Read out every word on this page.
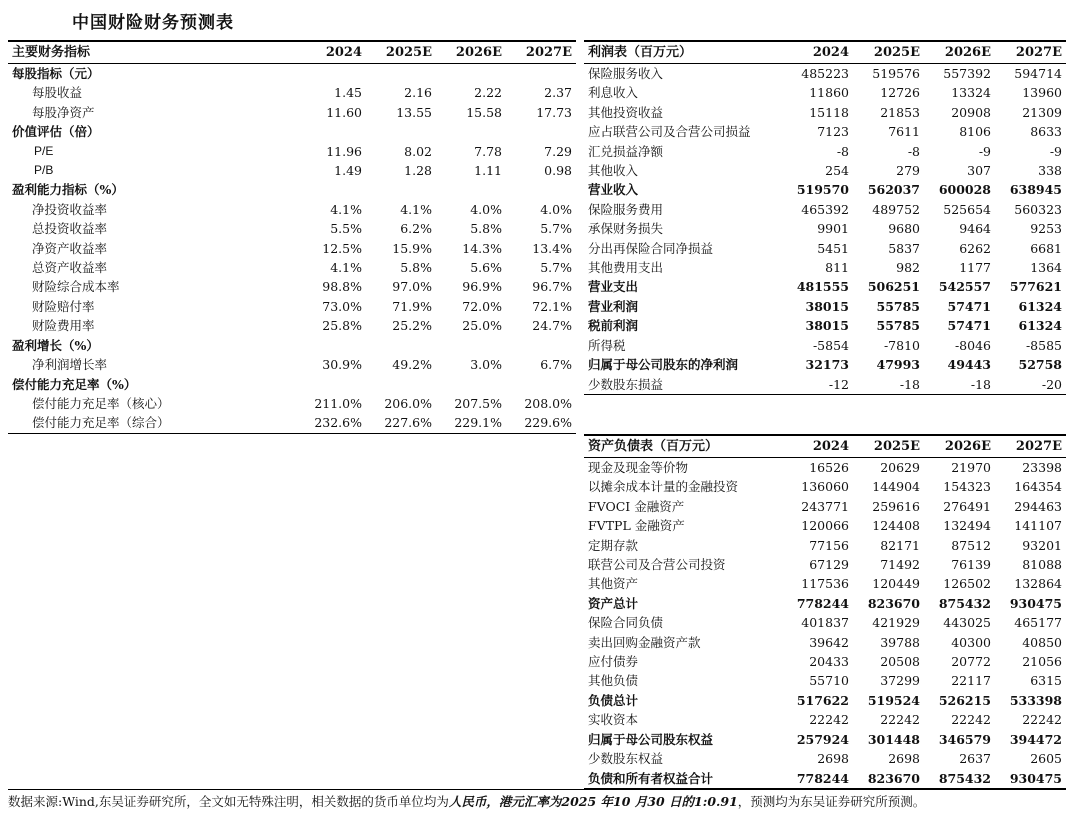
中国财险财务预测表
主要财务指标	2024	2025E	2026E	2027E
每股指标（元）				
每股收益	1.45	2.16	2.22	2.37
每股净资产	11.60	13.55	15.58	17.73
价值评估（倍）				
P/E	11.96	8.02	7.78	7.29
P/B	1.49	1.28	1.11	0.98
盈利能力指标（%）				
净投资收益率	4.1%	4.1%	4.0%	4.0%
总投资收益率	5.5%	6.2%	5.8%	5.7%
净资产收益率	12.5%	15.9%	14.3%	13.4%
总资产收益率	4.1%	5.8%	5.6%	5.7%
财险综合成本率	98.8%	97.0%	96.9%	96.7%
财险赔付率	73.0%	71.9%	72.0%	72.1%
财险费用率	25.8%	25.2%	25.0%	24.7%
盈利增长（%）				
净利润增长率	30.9%	49.2%	3.0%	6.7%
偿付能力充足率（%）				
偿付能力充足率（核心）	211.0%	206.0%	207.5%	208.0%
偿付能力充足率（综合）	232.6%	227.6%	229.1%	229.6%
利润表（百万元）	2024	2025E	2026E	2027E
保险服务收入	485223	519576	557392	594714
利息收入	11860	12726	13324	13960
其他投资收益	15118	21853	20908	21309
应占联营公司及合营公司损益	7123	7611	8106	8633
汇兑损益净额	-8	-8	-9	-9
其他收入	254	279	307	338
营业收入	519570	562037	600028	638945
保险服务费用	465392	489752	525654	560323
承保财务损失	9901	9680	9464	9253
分出再保险合同净损益	5451	5837	6262	6681
其他费用支出	811	982	1177	1364
营业支出	481555	506251	542557	577621
营业利润	38015	55785	57471	61324
税前利润	38015	55785	57471	61324
所得税	-5854	-7810	-8046	-8585
归属于母公司股东的净利润	32173	47993	49443	52758
少数股东损益	-12	-18	-18	-20
资产负债表（百万元）	2024	2025E	2026E	2027E
现金及现金等价物	16526	20629	21970	23398
以摊余成本计量的金融投资	136060	144904	154323	164354
FVOCI 金融资产	243771	259616	276491	294463
FVTPL 金融资产	120066	124408	132494	141107
定期存款	77156	82171	87512	93201
联营公司及合营公司投资	67129	71492	76139	81088
其他资产	117536	120449	126502	132864
资产总计	778244	823670	875432	930475
保险合同负债	401837	421929	443025	465177
卖出回购金融资产款	39642	39788	40300	40850
应付债券	20433	20508	20772	21056
其他负债	55710	37299	22117	6315
负债总计	517622	519524	526215	533398
实收资本	22242	22242	22242	22242
归属于母公司股东权益	257924	301448	346579	394472
少数股东权益	2698	2698	2637	2605
负债和所有者权益合计	778244	823670	875432	930475
数据来源:Wind,东吴证券研究所，全文如无特殊注明，相关数据的货币单位均为人民币，港元汇率为2025 年10 月30 日的1:0.91，预测均为东吴证券研究所预测。
